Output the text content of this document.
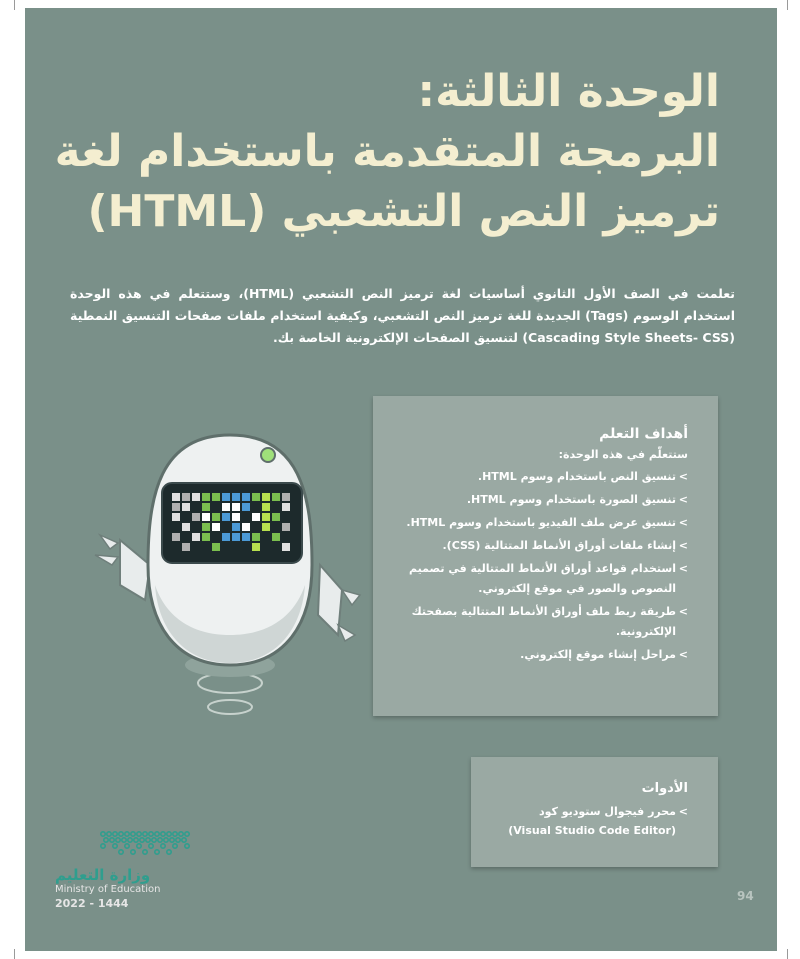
الوحدة الثالثة:
البرمجة المتقدمة باستخدام لغة
ترميز النص التشعبي (HTML)

تعلمت في الصف الأول الثانوي أساسيات لغة ترميز النص التشعبي (HTML)، وستتعلم في هذه الوحدة استخدام الوسوم (Tags) الجديدة للغة ترميز النص التشعبي، وكيفية استخدام ملفات صفحات التنسيق النمطية (Cascading Style Sheets- CSS) لتنسيق الصفحات الإلكترونية الخاصة بك.

أهداف التعلم

ستتعلّم في هذه الوحدة:

> تنسيق النص باستخدام وسوم HTML.
> تنسيق الصورة باستخدام وسوم HTML.
> تنسيق عرض ملف الفيديو باستخدام وسوم HTML.
> إنشاء ملفات أوراق الأنماط المتتالية (CSS).
> استخدام قواعد أوراق الأنماط المتتالية في تصميم النصوص والصور في موقع إلكتروني.
> طريقة ربط ملف أوراق الأنماط المتتالية بصفحتك الإلكترونية.
> مراحل إنشاء موقع إلكتروني.
الأدوات
> محرر فيجوال ستوديو كود
(Visual Studio Code Editor)
وزارة التعليم
Ministry of Education
2022 - 1444
94
